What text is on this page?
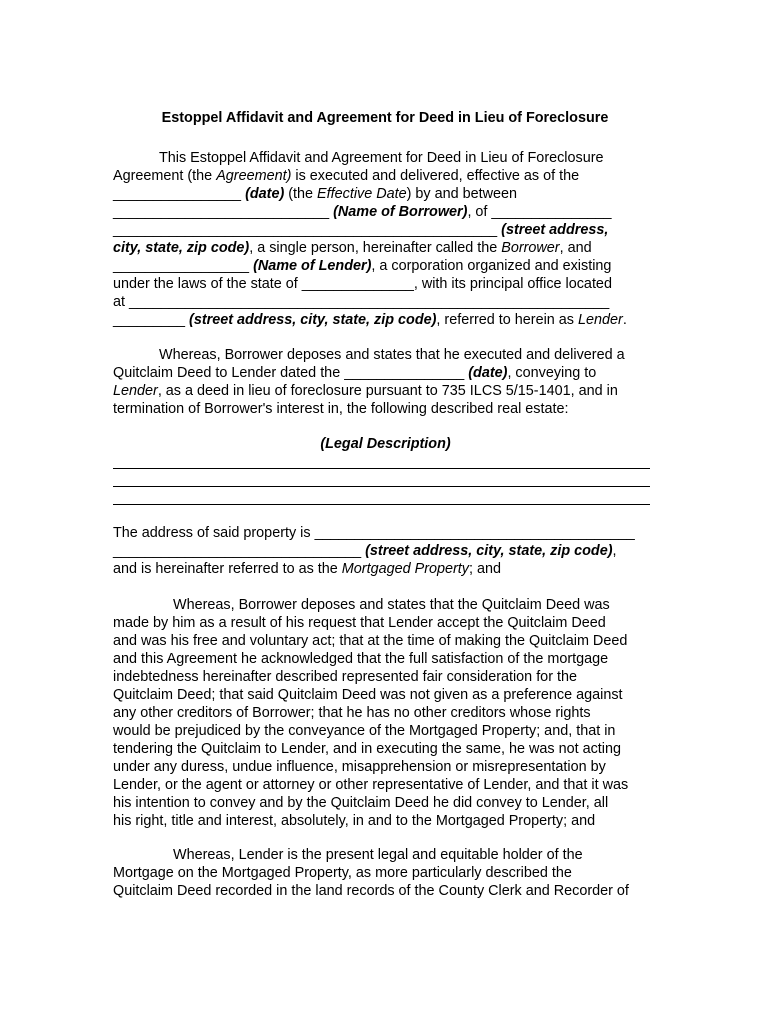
Estoppel Affidavit and Agreement for Deed in Lieu of Foreclosure
This Estoppel Affidavit and Agreement for Deed in Lieu of Foreclosure
Agreement (the Agreement) is executed and delivered, effective as of the
________________ (date) (the Effective Date) by and between
___________________________ (Name of Borrower), of _______________
________________________________________________ (street address,
city, state, zip code), a single person, hereinafter called the Borrower, and
_________________ (Name of Lender), a corporation organized and existing
under the laws of the state of ______________, with its principal office located
at ____________________________________________________________
_________ (street address, city, state, zip code), referred to herein as Lender.
Whereas, Borrower deposes and states that he executed and delivered a
Quitclaim Deed to Lender dated the _______________ (date), conveying to
Lender, as a deed in lieu of foreclosure pursuant to 735 ILCS 5/15-1401, and in
termination of Borrower's interest in, the following described real estate:
(Legal Description)
The address of said property is ________________________________________
_______________________________ (street address, city, state, zip code),
and is hereinafter referred to as the Mortgaged Property; and
Whereas, Borrower deposes and states that the Quitclaim Deed was
made by him as a result of his request that Lender accept the Quitclaim Deed
and was his free and voluntary act; that at the time of making the Quitclaim Deed
and this Agreement he acknowledged that the full satisfaction of the mortgage
indebtedness hereinafter described represented fair consideration for the
Quitclaim Deed; that said Quitclaim Deed was not given as a preference against
any other creditors of Borrower; that he has no other creditors whose rights
would be prejudiced by the conveyance of the Mortgaged Property; and, that in
tendering the Quitclaim to Lender, and in executing the same, he was not acting
under any duress, undue influence, misapprehension or misrepresentation by
Lender, or the agent or attorney or other representative of Lender, and that it was
his intention to convey and by the Quitclaim Deed he did convey to Lender, all
his right, title and interest, absolutely, in and to the Mortgaged Property; and
Whereas, Lender is the present legal and equitable holder of the
Mortgage on the Mortgaged Property, as more particularly described the
Quitclaim Deed recorded in the land records of the County Clerk and Recorder of
